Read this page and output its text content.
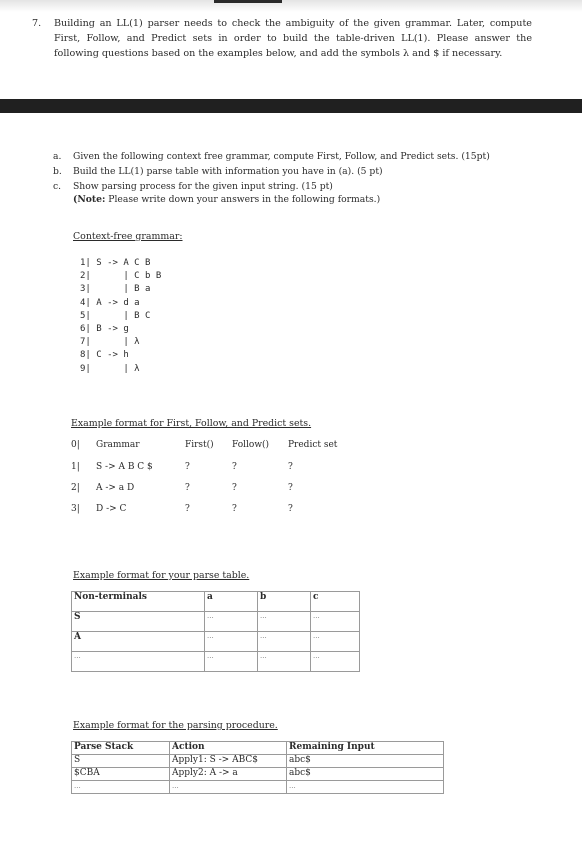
7. Building an LL(1) parser needs to check the ambiguity of the given grammar. Later, compute First, Follow, and Predict sets in order to build the table-driven LL(1). Please answer the following questions based on the examples below, and add the symbols λ and $ if necessary.
a. Given the following context free grammar, compute First, Follow, and Predict sets. (15pt)
b. Build the LL(1) parse table with information you have in (a). (5 pt)
c. Show parsing process for the given input string. (15 pt)
(Note: Please write down your answers in the following formats.)
Context-free grammar:
1| S -> A C B
2|      | C b B
3|      | B a
4| A -> d a
5|      | B C
6| B -> g
7|      | λ
8| C -> h
9|      | λ
Example format for First, Follow, and Predict sets.
0| Grammar	First() Follow() Predict set
1| S -> A B C $	?	?	?
2| A -> a D	?	?	?
3| D -> C	?	?	?
Example format for your parse table.
Non-terminals	a	b	c
S	...	...	...
A	...	...	...
...	...	...	...
Example format for the parsing procedure.
Parse Stack	Action	Remaining Input
S	Apply1: S -> ABC$	abc$
$CBA	Apply2: A -> a	abc$
...	...	...
